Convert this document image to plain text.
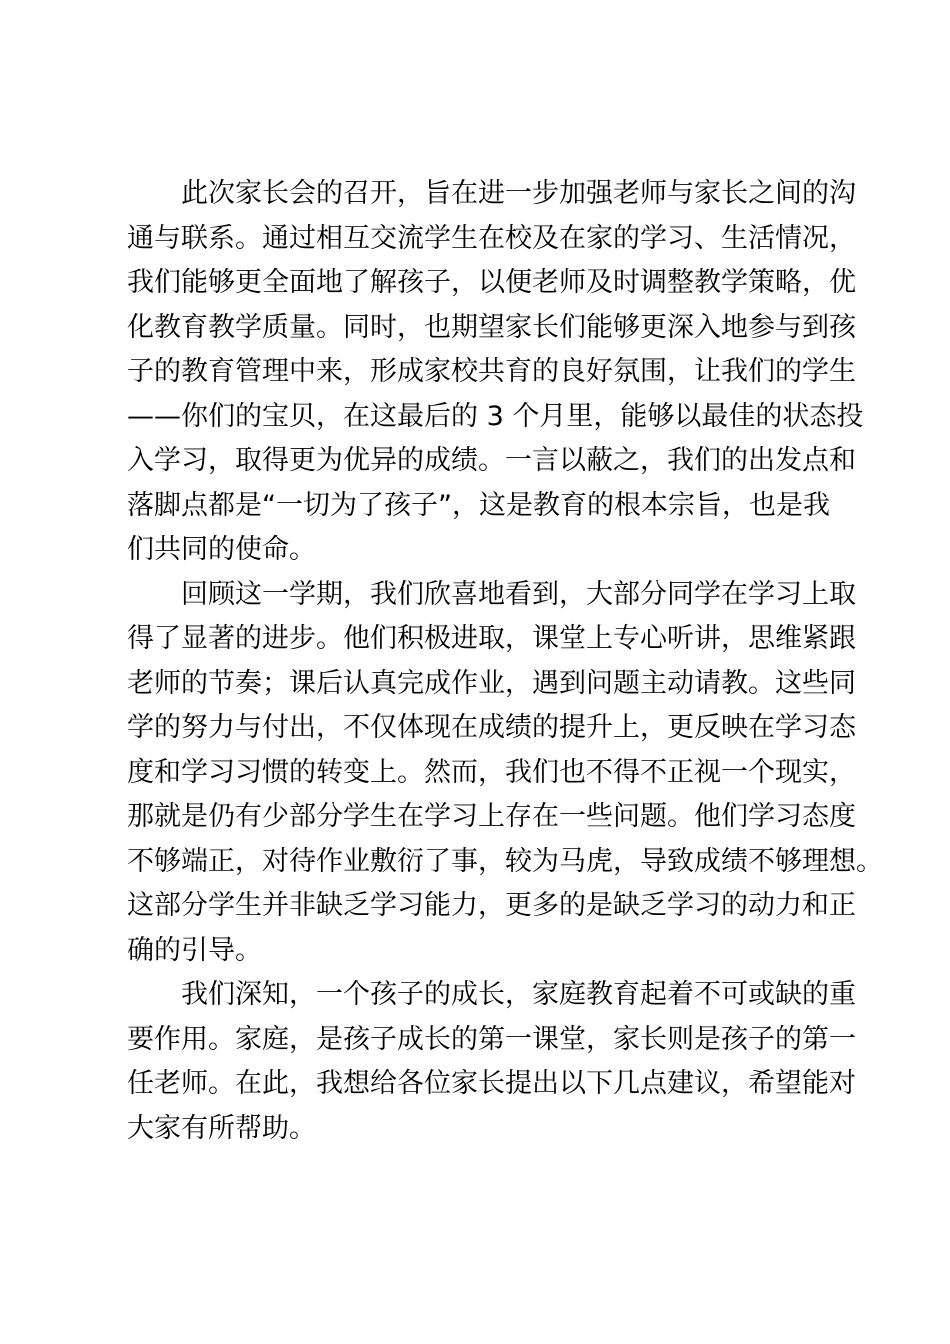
此次家长会的召开，旨在进一步加强老师与家长之间的沟
通与联系。通过相互交流学生在校及在家的学习、生活情况，
我们能够更全面地了解孩子，以便老师及时调整教学策略，优
化教育教学质量。同时，也期望家长们能够更深入地参与到孩
子的教育管理中来，形成家校共育的良好氛围，让我们的学生
——你们的宝贝，在这最后的 3 个月里，能够以最佳的状态投
入学习，取得更为优异的成绩。一言以蔽之，我们的出发点和
落脚点都是“一切为了孩子”，这是教育的根本宗旨，也是我
们共同的使命。
回顾这一学期，我们欣喜地看到，大部分同学在学习上取
得了显著的进步。他们积极进取，课堂上专心听讲，思维紧跟
老师的节奏；课后认真完成作业，遇到问题主动请教。这些同
学的努力与付出，不仅体现在成绩的提升上，更反映在学习态
度和学习习惯的转变上。然而，我们也不得不正视一个现实，
那就是仍有少部分学生在学习上存在一些问题。他们学习态度
不够端正，对待作业敷衍了事，较为马虎，导致成绩不够理想。
这部分学生并非缺乏学习能力，更多的是缺乏学习的动力和正
确的引导。
我们深知，一个孩子的成长，家庭教育起着不可或缺的重
要作用。家庭，是孩子成长的第一课堂，家长则是孩子的第一
任老师。在此，我想给各位家长提出以下几点建议，希望能对
大家有所帮助。
